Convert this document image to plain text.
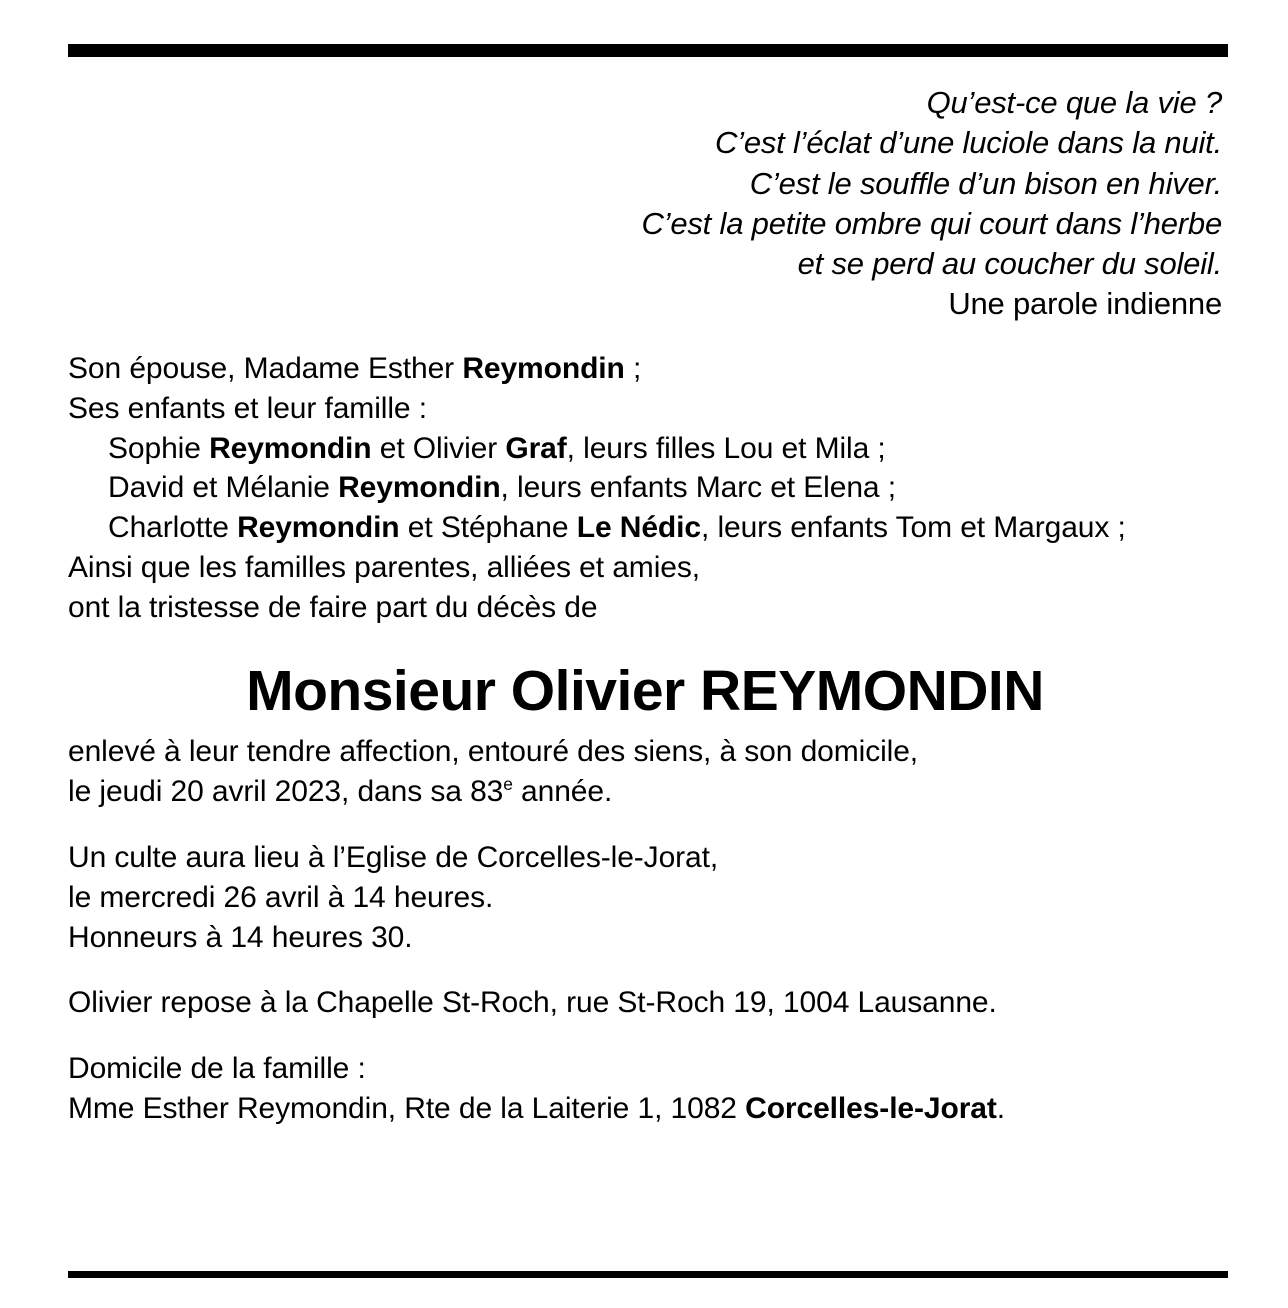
Qu’est-ce que la vie ?
C’est l’éclat d’une luciole dans la nuit.
C’est le souffle d’un bison en hiver.
C’est la petite ombre qui court dans l’herbe
et se perd au coucher du soleil.
Une parole indienne
Son épouse, Madame Esther Reymondin ;
Ses enfants et leur famille :
Sophie Reymondin et Olivier Graf, leurs filles Lou et Mila ;
David et Mélanie Reymondin, leurs enfants Marc et Elena ;
Charlotte Reymondin et Stéphane Le Nédic, leurs enfants Tom et Margaux ;
Ainsi que les familles parentes, alliées et amies,
ont la tristesse de faire part du décès de
Monsieur Olivier REYMONDIN
enlevé à leur tendre affection, entouré des siens, à son domicile,
le jeudi 20 avril 2023, dans sa 83e année.
Un culte aura lieu à l’Eglise de Corcelles-le-Jorat,
le mercredi 26 avril à 14 heures.
Honneurs à 14 heures 30.
Olivier repose à la Chapelle St-Roch, rue St-Roch 19, 1004 Lausanne.
Domicile de la famille :
Mme Esther Reymondin, Rte de la Laiterie 1, 1082 Corcelles-le-Jorat.
